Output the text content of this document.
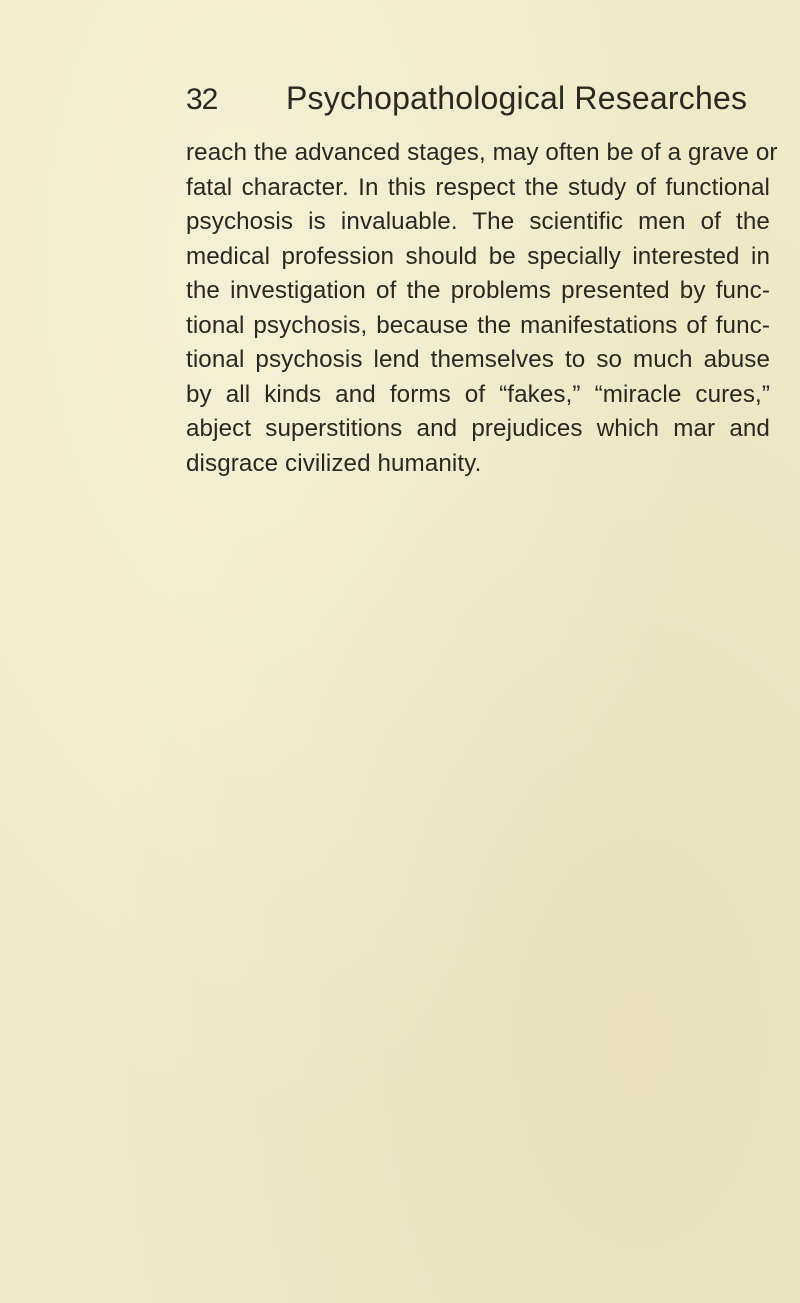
32	Psychopathological Researches
reach the advanced stages, may often be of a grave or
fatal character. In this respect the study of functional
psychosis is invaluable. The scientific men of the
medical profession should be specially interested in
the investigation of the problems presented by func-
tional psychosis, because the manifestations of func-
tional psychosis lend themselves to so much abuse
by all kinds and forms of “fakes,” “miracle cures,”
abject superstitions and prejudices which mar and
disgrace civilized humanity.
